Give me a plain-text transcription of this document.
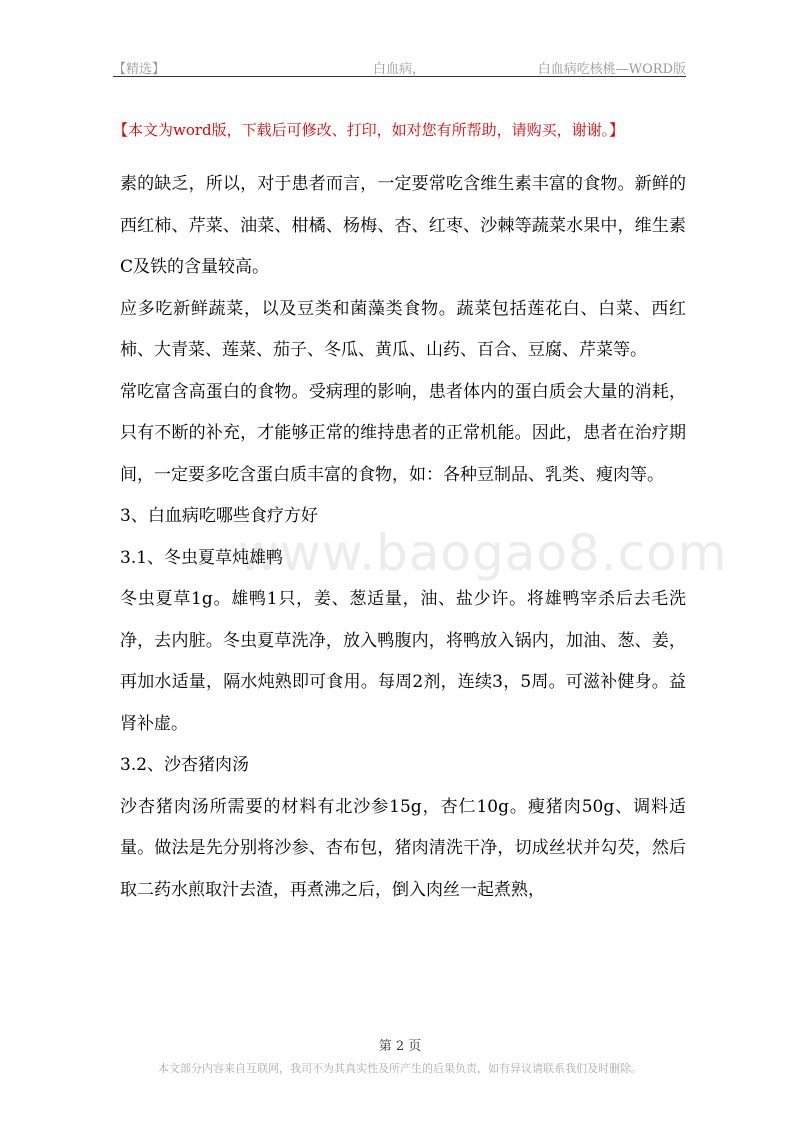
【精选】	白血病，	白血病吃核桃—WORD版
【本文为word版，下载后可修改、打印，如对您有所帮助，请购买，谢谢。】
www.baogao8.com

素的缺乏，所以，对于患者而言，一定要常吃含维生素丰富的食物。新鲜的西红柿、芹菜、油菜、柑橘、杨梅、杏、红枣、沙棘等蔬菜水果中，维生素C及铁的含量较高。

应多吃新鲜蔬菜，以及豆类和菌藻类食物。蔬菜包括莲花白、白菜、西红柿、大青菜、莲菜、茄子、冬瓜、黄瓜、山药、百合、豆腐、芹菜等。

常吃富含高蛋白的食物。受病理的影响，患者体内的蛋白质会大量的消耗，只有不断的补充，才能够正常的维持患者的正常机能。因此，患者在治疗期间，一定要多吃含蛋白质丰富的食物，如：各种豆制品、乳类、瘦肉等。

3、白血病吃哪些食疗方好

3.1、冬虫夏草炖雄鸭

冬虫夏草1g。雄鸭1只，姜、葱适量，油、盐少许。将雄鸭宰杀后去毛洗净，去内脏。冬虫夏草洗净，放入鸭腹内，将鸭放入锅内，加油、葱、姜，再加水适量，隔水炖熟即可食用。每周2剂，连续3，5周。可滋补健身。益肾补虚。

3.2、沙杏猪肉汤

沙杏猪肉汤所需要的材料有北沙参15g，杏仁10g。瘦猪肉50g、调料适量。做法是先分别将沙参、杏布包，猪肉清洗干净，切成丝状并勾芡，然后取二药水煎取汁去渣，再煮沸之后，倒入肉丝一起煮熟，

第 2 页
本文部分内容来自互联网，我司不为其真实性及所产生的后果负责，如有异议请联系我们及时删除。
